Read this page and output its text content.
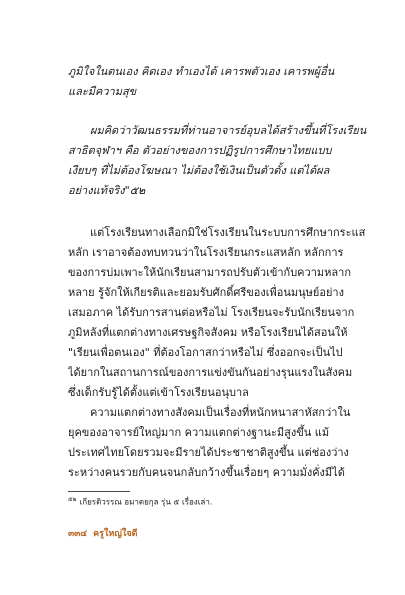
ภูมิใจในตนเอง คิดเอง ทำเองได้ เคารพตัวเอง เคารพผู้อื่น
และมีความสุข
ผมคิดว่าวัฒนธรรมที่ท่านอาจารย์อุบลได้สร้างขึ้นที่โรงเรียน
สาธิตจุฬาฯ คือ ตัวอย่างของการปฏิรูปการศึกษาไทยแบบ
เงียบๆ ที่ไม่ต้องโฆษณา ไม่ต้องใช้เงินเป็นตัวตั้ง แต่ได้ผล
อย่างแท้จริง"๕๒
แต่โรงเรียนทางเลือกมิใช่โรงเรียนในระบบการศึกษากระแส
หลัก เราอาจต้องทบทวนว่าในโรงเรียนกระแสหลัก หลักการ
ของการบ่มเพาะให้นักเรียนสามารถปรับตัวเข้ากับความหลาก
หลาย รู้จักให้เกียรติและยอมรับศักดิ์ศรีของเพื่อนมนุษย์อย่าง
เสมอภาค ได้รับการสานต่อหรือไม่ โรงเรียนจะรับนักเรียนจาก
ภูมิหลังที่แตกต่างทางเศรษฐกิจสังคม หรือโรงเรียนได้สอนให้
"เรียนเพื่อตนเอง" ที่ต้องโอกาสกว่าหรือไม่ ซึ่งออกจะเป็นไป
ได้ยากในสถานการณ์ของการแข่งขันกันอย่างรุนแรงในสังคม
ซึ่งเด็กรับรู้ได้ตั้งแต่เข้าโรงเรียนอนุบาล
ความแตกต่างทางสังคมเป็นเรื่องที่หนักหนาสาหัสกว่าใน
ยุคของอาจารย์ใหญ่มาก ความแตกต่างฐานะมีสูงขึ้น แม้
ประเทศไทยโดยรวมจะมีรายได้ประชาชาติสูงขึ้น แต่ช่องว่าง
ระหว่างคนรวยกับคนจนกลับกว้างขึ้นเรื่อยๆ ความมั่งคั่งมีได้
$^{๕๒}$ เกียรติวรรณ อมาตยกุล รุ่น ๕ เรื่องเล่า.
๓๓๔ ครูใหญ่ใจดี
